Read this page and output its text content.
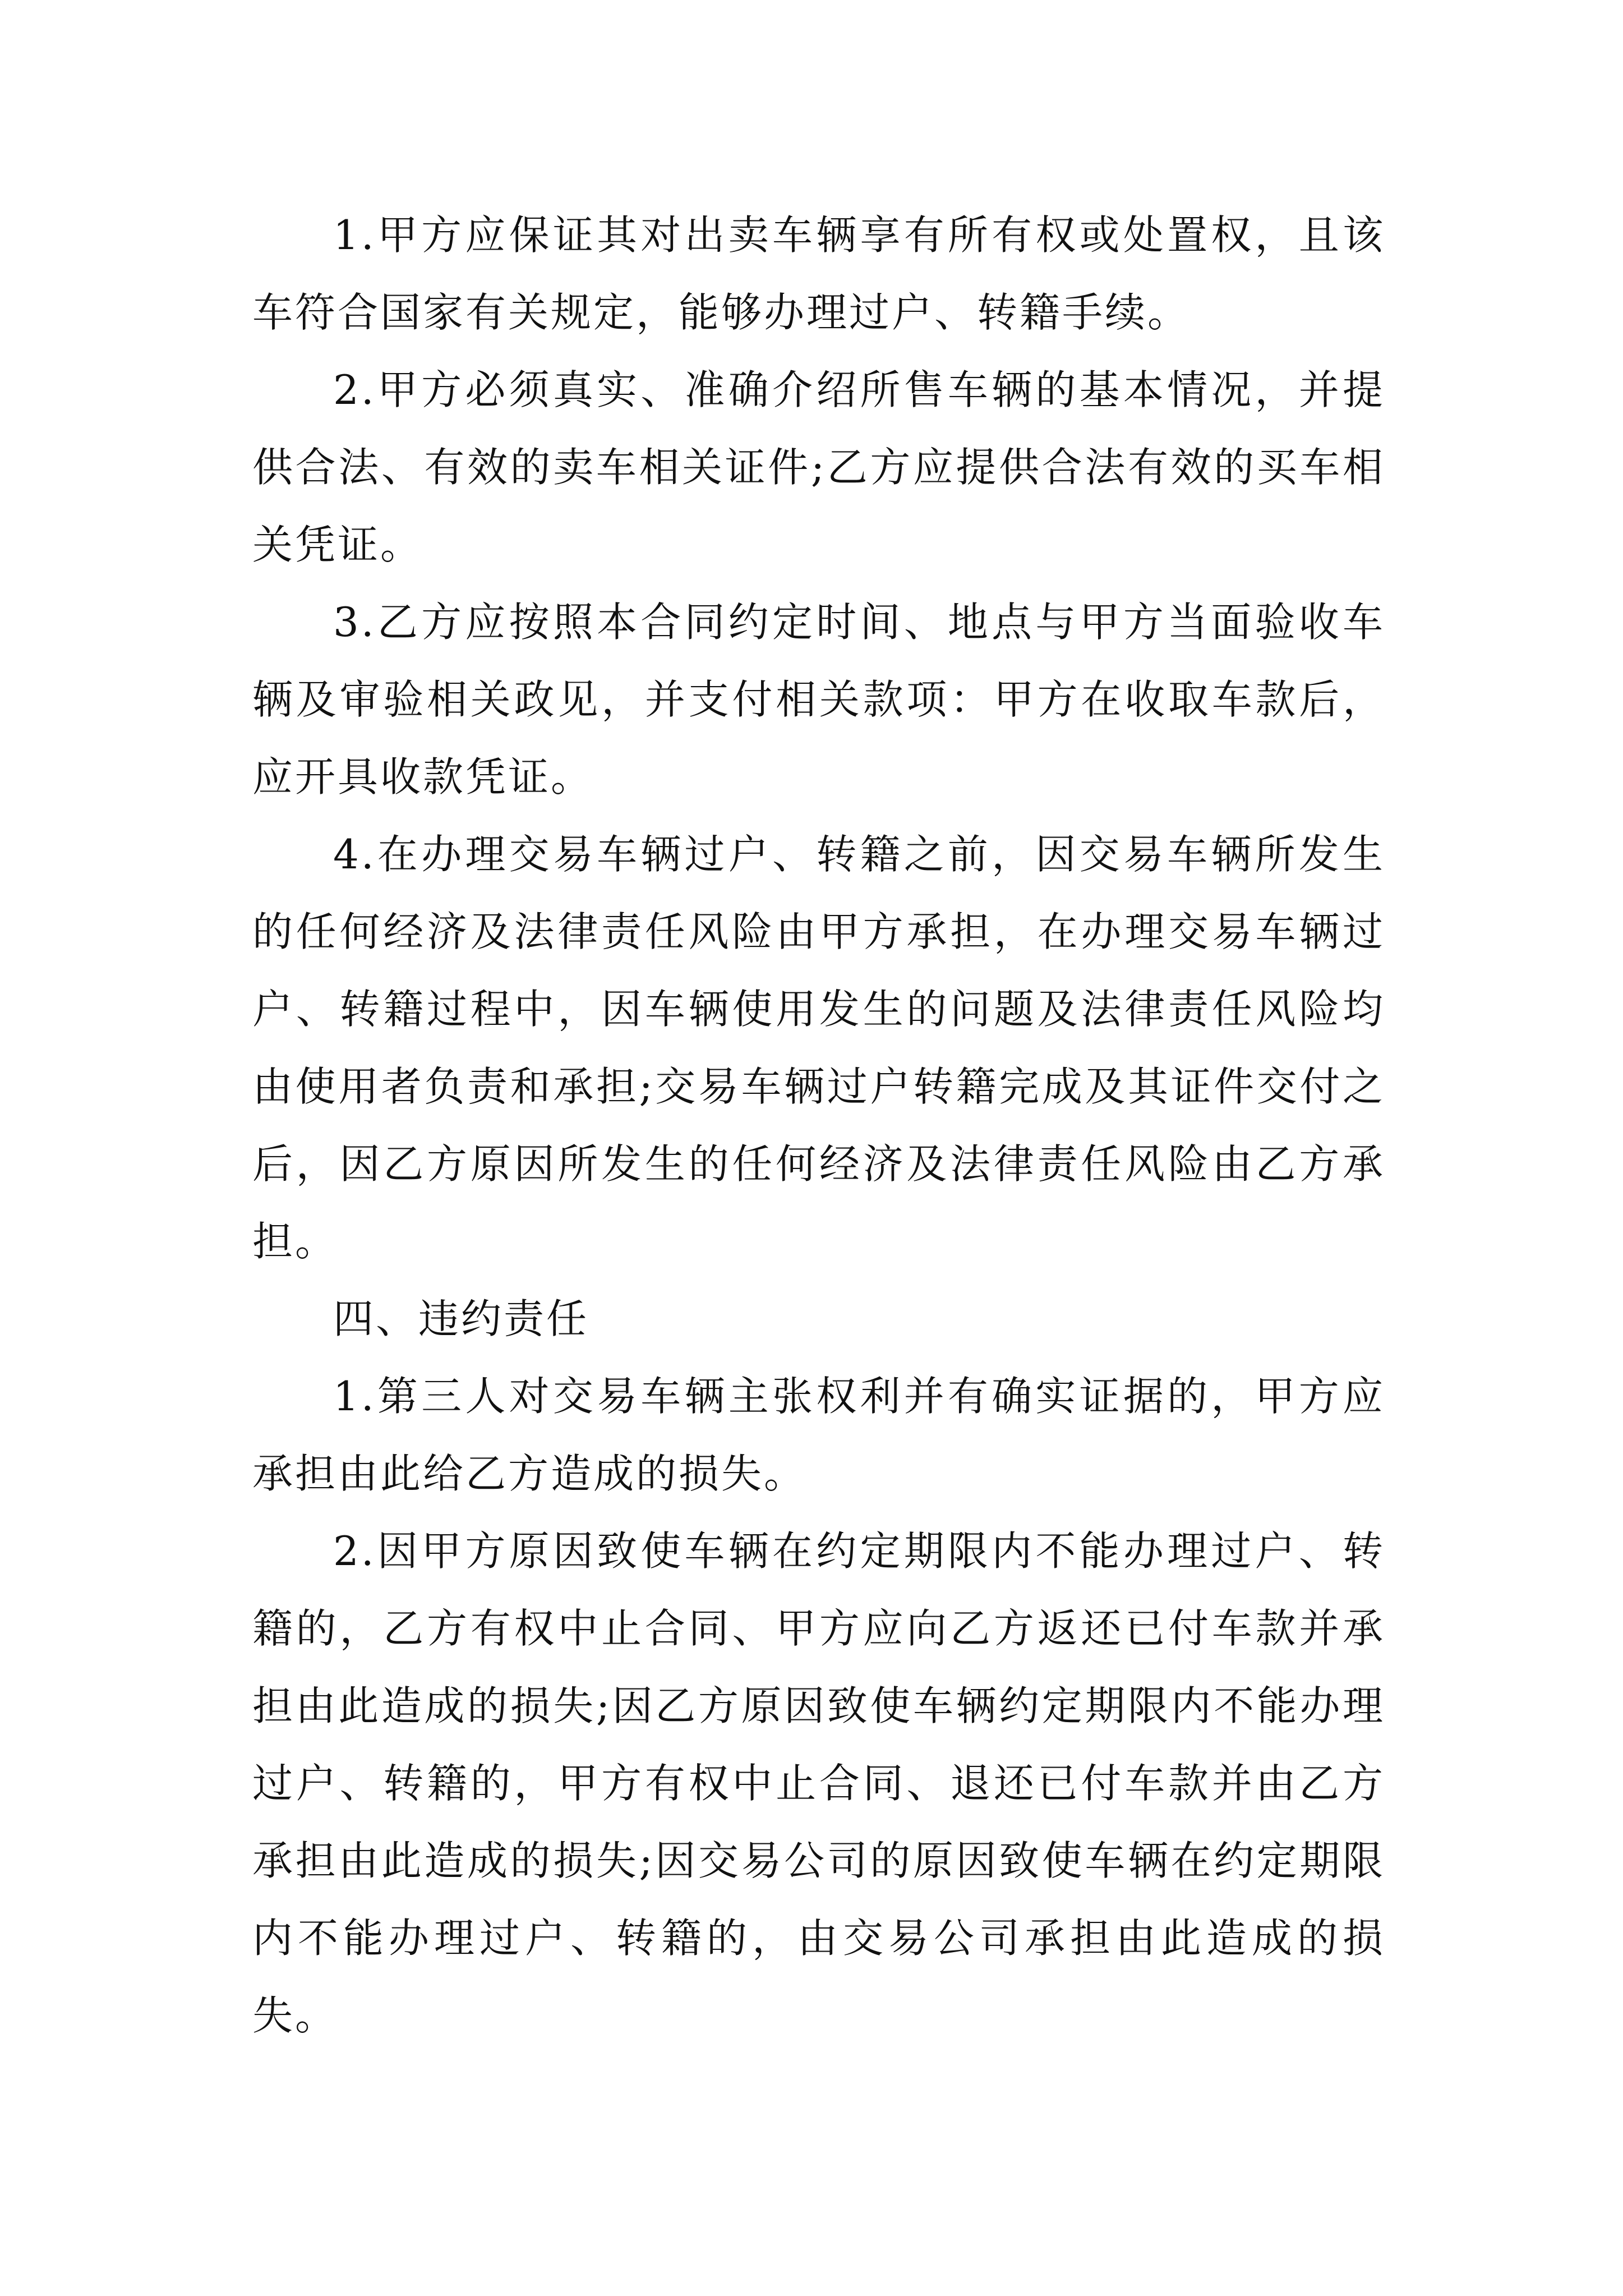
1.甲方应保证其对出卖车辆享有所有权或处置权，且该车符合国家有关规定，能够办理过户、转籍手续。

2.甲方必须真实、准确介绍所售车辆的基本情况，并提供合法、有效的卖车相关证件;乙方应提供合法有效的买车相关凭证。

3.乙方应按照本合同约定时间、地点与甲方当面验收车辆及审验相关政见，并支付相关款项：甲方在收取车款后，应开具收款凭证。

4.在办理交易车辆过户、转籍之前，因交易车辆所发生的任何经济及法律责任风险由甲方承担，在办理交易车辆过户、转籍过程中，因车辆使用发生的问题及法律责任风险均由使用者负责和承担;交易车辆过户转籍完成及其证件交付之后，因乙方原因所发生的任何经济及法律责任风险由乙方承担。

四、违约责任

1.第三人对交易车辆主张权利并有确实证据的，甲方应承担由此给乙方造成的损失。

2.因甲方原因致使车辆在约定期限内不能办理过户、转籍的，乙方有权中止合同、甲方应向乙方返还已付车款并承担由此造成的损失;因乙方原因致使车辆约定期限内不能办理过户、转籍的，甲方有权中止合同、退还已付车款并由乙方承担由此造成的损失;因交易公司的原因致使车辆在约定期限内不能办理过户、转籍的，由交易公司承担由此造成的损失。
